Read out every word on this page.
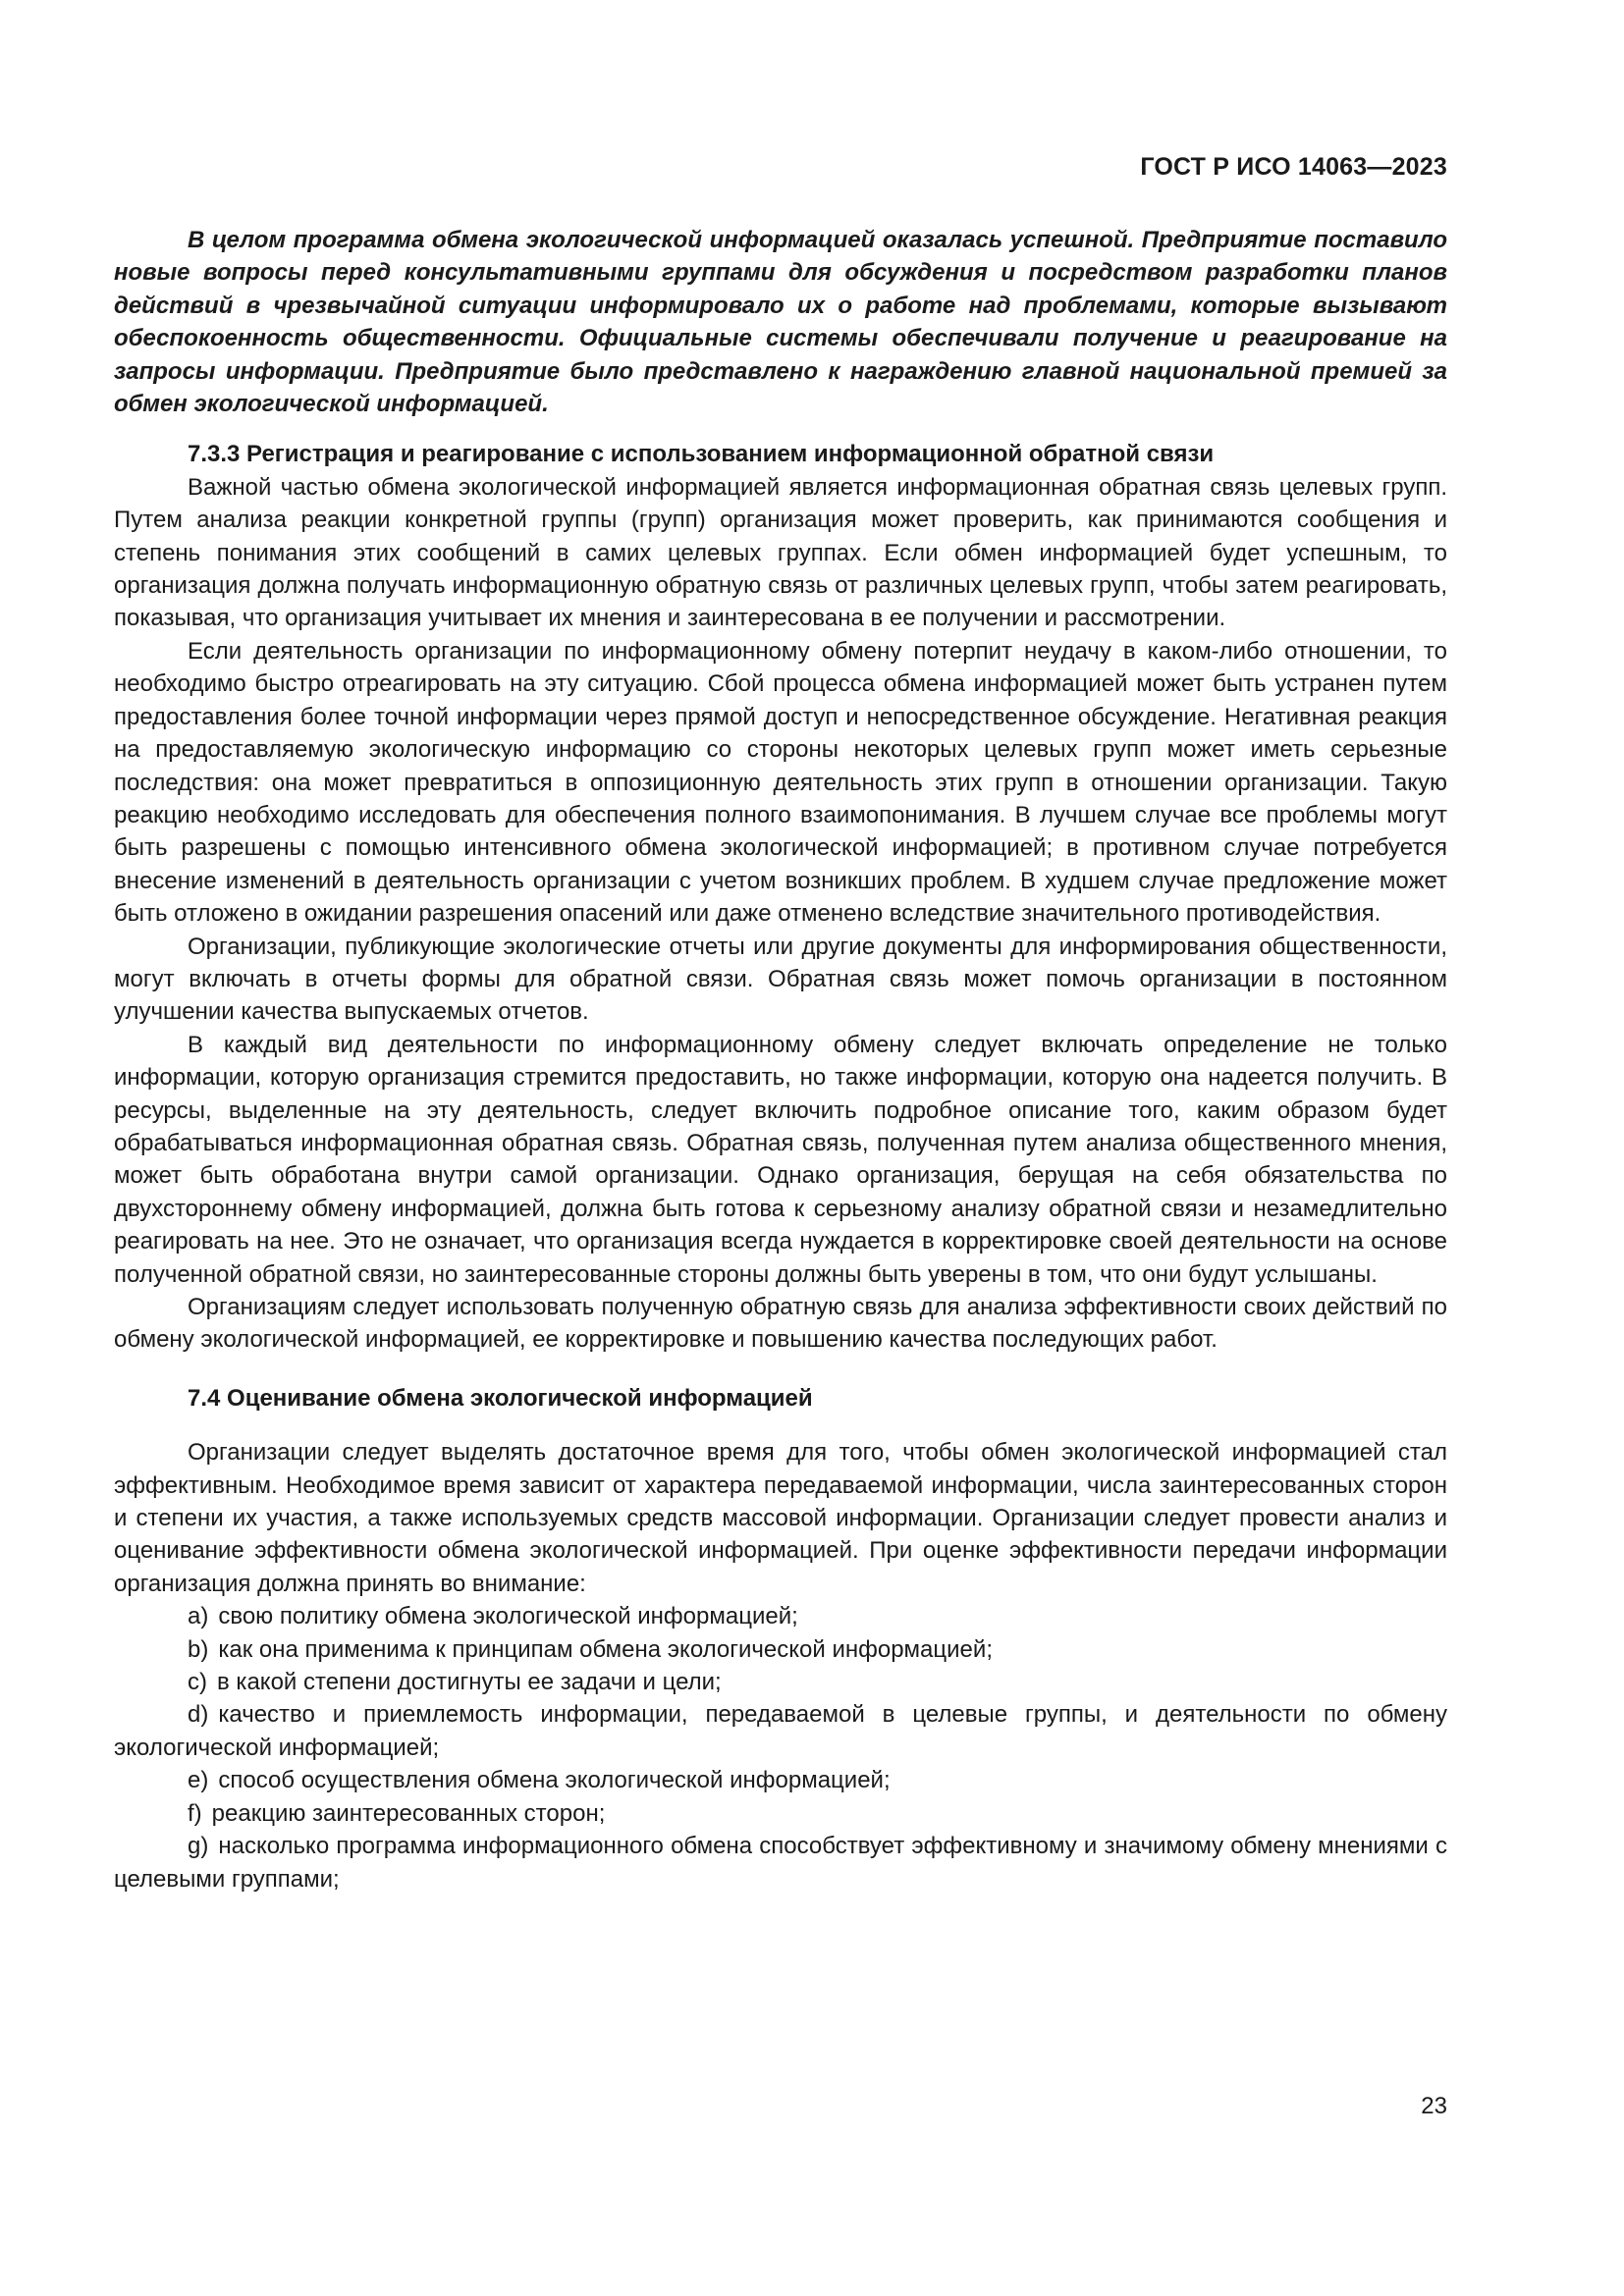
ГОСТ Р ИСО 14063—2023

В целом программа обмена экологической информацией оказалась успешной. Предприятие поставило новые вопросы перед консультативными группами для обсуждения и посредством разработки планов действий в чрезвычайной ситуации информировало их о работе над проблемами, которые вызывают обеспокоенность общественности. Официальные системы обеспечивали получение и реагирование на запросы информации. Предприятие было представлено к награждению главной национальной премией за обмен экологической информацией.

7.3.3 Регистрация и реагирование с использованием информационной обратной связи

Важной частью обмена экологической информацией является информационная обратная связь целевых групп. Путем анализа реакции конкретной группы (групп) организация может проверить, как принимаются сообщения и степень понимания этих сообщений в самих целевых группах. Если обмен информацией будет успешным, то организация должна получать информационную обратную связь от различных целевых групп, чтобы затем реагировать, показывая, что организация учитывает их мнения и заинтересована в ее получении и рассмотрении.

Если деятельность организации по информационному обмену потерпит неудачу в каком-либо отношении, то необходимо быстро отреагировать на эту ситуацию. Сбой процесса обмена информацией может быть устранен путем предоставления более точной информации через прямой доступ и непосредственное обсуждение. Негативная реакция на предоставляемую экологическую информацию со стороны некоторых целевых групп может иметь серьезные последствия: она может превратиться в оппозиционную деятельность этих групп в отношении организации. Такую реакцию необходимо исследовать для обеспечения полного взаимопонимания. В лучшем случае все проблемы могут быть разрешены с помощью интенсивного обмена экологической информацией; в противном случае потребуется внесение изменений в деятельность организации с учетом возникших проблем. В худшем случае предложение может быть отложено в ожидании разрешения опасений или даже отменено вследствие значительного противодействия.

Организации, публикующие экологические отчеты или другие документы для информирования общественности, могут включать в отчеты формы для обратной связи. Обратная связь может помочь организации в постоянном улучшении качества выпускаемых отчетов.

В каждый вид деятельности по информационному обмену следует включать определение не только информации, которую организация стремится предоставить, но также информации, которую она надеется получить. В ресурсы, выделенные на эту деятельность, следует включить подробное описание того, каким образом будет обрабатываться информационная обратная связь. Обратная связь, полученная путем анализа общественного мнения, может быть обработана внутри самой организации. Однако организация, берущая на себя обязательства по двухстороннему обмену информацией, должна быть готова к серьезному анализу обратной связи и незамедлительно реагировать на нее. Это не означает, что организация всегда нуждается в корректировке своей деятельности на основе полученной обратной связи, но заинтересованные стороны должны быть уверены в том, что они будут услышаны.

Организациям следует использовать полученную обратную связь для анализа эффективности своих действий по обмену экологической информацией, ее корректировке и повышению качества последующих работ.

7.4 Оценивание обмена экологической информацией

Организации следует выделять достаточное время для того, чтобы обмен экологической информацией стал эффективным. Необходимое время зависит от характера передаваемой информации, числа заинтересованных сторон и степени их участия, а также используемых средств массовой информации. Организации следует провести анализ и оценивание эффективности обмена экологической информацией. При оценке эффективности передачи информации организация должна принять во внимание:

a) свою политику обмена экологической информацией;

b) как она применима к принципам обмена экологической информацией;

c) в какой степени достигнуты ее задачи и цели;

d) качество и приемлемость информации, передаваемой в целевые группы, и деятельности по обмену экологической информацией;

e) способ осуществления обмена экологической информацией;

f) реакцию заинтересованных сторон;

g) насколько программа информационного обмена способствует эффективному и значимому обмену мнениями с целевыми группами;

23
